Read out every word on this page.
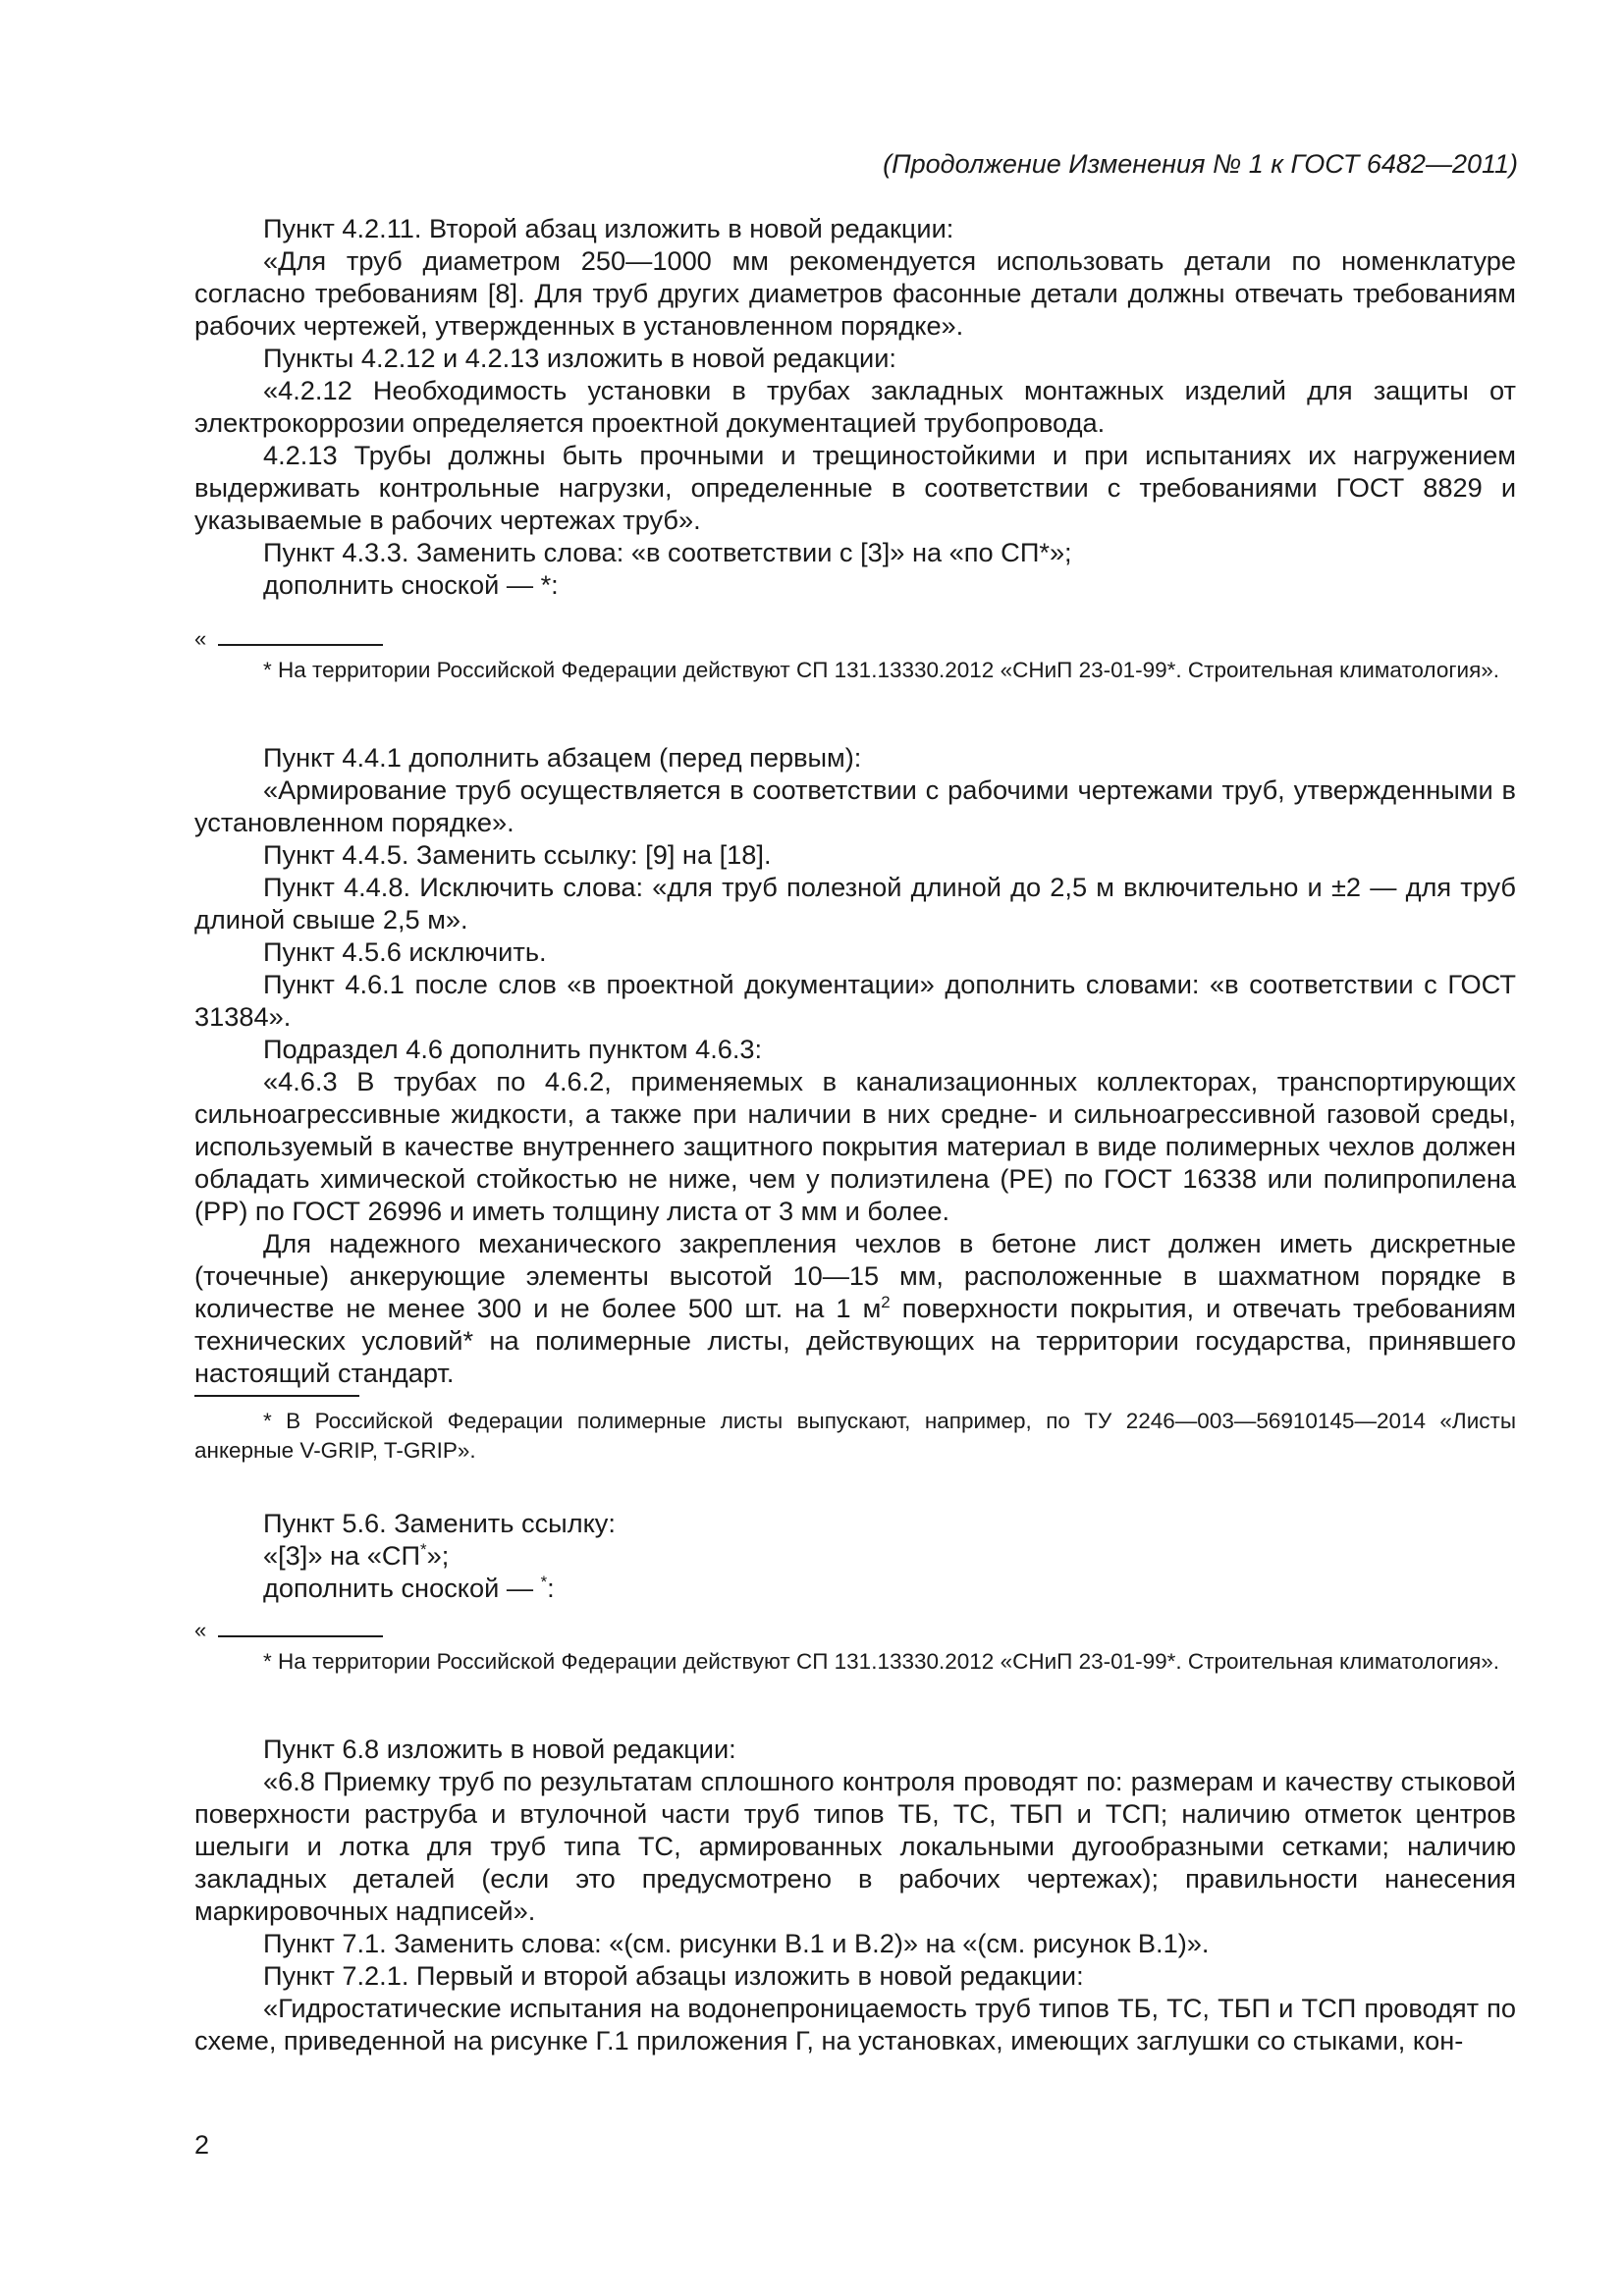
(Продолжение Изменения № 1 к ГОСТ 6482—2011)

Пункт 4.2.11. Второй абзац изложить в новой редакции:

«Для труб диаметром 250—1000 мм рекомендуется использовать детали по номенклатуре согласно требованиям [8]. Для труб других диаметров фасонные детали должны отвечать требованиям рабочих чертежей, утвержденных в установленном порядке».

Пункты 4.2.12 и 4.2.13 изложить в новой редакции:

«4.2.12 Необходимость установки в трубах закладных монтажных изделий для защиты от электрокоррозии определяется проектной документацией трубопровода.

4.2.13 Трубы должны быть прочными и трещиностойкими и при испытаниях их нагружением выдерживать контрольные нагрузки, определенные в соответствии с требованиями ГОСТ 8829 и указываемые в рабочих чертежах труб».

Пункт 4.3.3. Заменить слова: «в соответствии с [3]» на «по СП*»;

дополнить сноской — *:

«

* На территории Российской Федерации действуют СП 131.13330.2012 «СНиП 23-01-99*. Строительная климатология».

Пункт 4.4.1 дополнить абзацем (перед первым):

«Армирование труб осуществляется в соответствии с рабочими чертежами труб, утвержденными в установленном порядке».

Пункт 4.4.5. Заменить ссылку: [9] на [18].

Пункт 4.4.8. Исключить слова: «для труб полезной длиной до 2,5 м включительно и ±2 — для труб длиной свыше 2,5 м».

Пункт 4.5.6 исключить.

Пункт 4.6.1 после слов «в проектной документации» дополнить словами: «в соответствии с ГОСТ 31384».

Подраздел 4.6 дополнить пунктом 4.6.3:

«4.6.3 В трубах по 4.6.2, применяемых в канализационных коллекторах, транспортирующих сильноагрессивные жидкости, а также при наличии в них средне- и сильноагрессивной газовой среды, используемый в качестве внутреннего защитного покрытия материал в виде полимерных чехлов должен обладать химической стойкостью не ниже, чем у полиэтилена (PE) по ГОСТ 16338 или полипропилена (PP) по ГОСТ 26996 и иметь толщину листа от 3 мм и более.

Для надежного механического закрепления чехлов в бетоне лист должен иметь дискретные (точечные) анкерующие элементы высотой 10—15 мм, расположенные в шахматном порядке в количестве не менее 300 и не более 500 шт. на 1 $м^2$ поверхности покрытия, и отвечать требованиям технических условий* на полимерные листы, действующих на территории государства, принявшего настоящий стандарт.

* В Российской Федерации полимерные листы выпускают, например, по ТУ 2246—003—56910145—2014 «Листы анкерные V-GRIP, T-GRIP».

Пункт 5.6. Заменить ссылку:

«[3]» на «СП*»;

дополнить сноской — *:

«

* На территории Российской Федерации действуют СП 131.13330.2012 «СНиП 23-01-99*. Строительная климатология».

Пункт 6.8 изложить в новой редакции:

«6.8 Приемку труб по результатам сплошного контроля проводят по: размерам и качеству стыковой поверхности раструба и втулочной части труб типов ТБ, ТС, ТБП и ТСП; наличию отметок центров шелыги и лотка для труб типа ТС, армированных локальными дугообразными сетками; наличию закладных деталей (если это предусмотрено в рабочих чертежах); правильности нанесения маркировочных надписей».

Пункт 7.1. Заменить слова: «(см. рисунки В.1 и В.2)» на «(см. рисунок В.1)».

Пункт 7.2.1. Первый и второй абзацы изложить в новой редакции:

«Гидростатические испытания на водонепроницаемость труб типов ТБ, ТС, ТБП и ТСП проводят по схеме, приведенной на рисунке Г.1 приложения Г, на установках, имеющих заглушки со стыками, кон-

2
